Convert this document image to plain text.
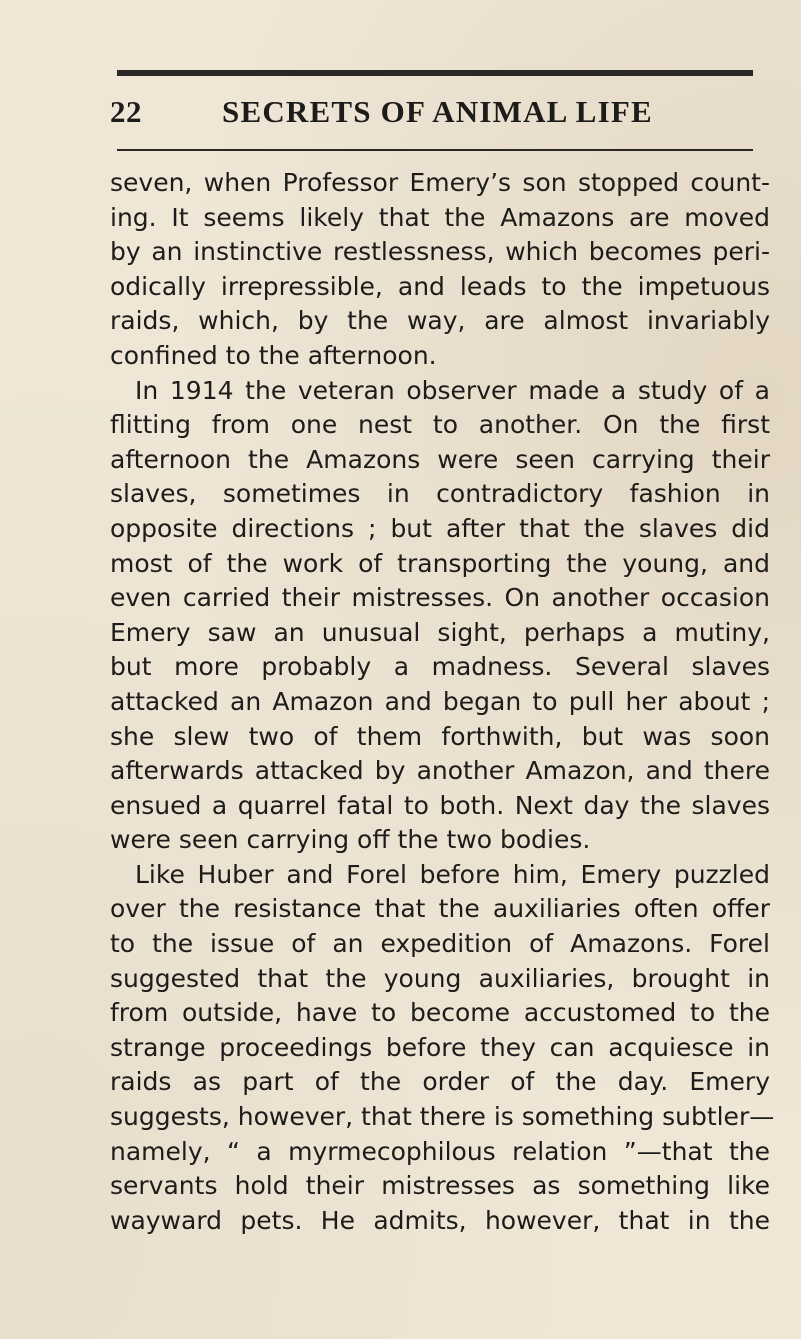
22	SECRETS OF ANIMAL LIFE
seven, when Professor Emery’s son stopped count-
ing. It seems likely that the Amazons are moved
by an instinctive restlessness, which becomes peri-
odically irrepressible, and leads to the impetuous
raids, which, by the way, are almost invariably
confined to the afternoon.
In 1914 the veteran observer made a study of a
flitting from one nest to another. On the first
afternoon the Amazons were seen carrying their
slaves, sometimes in contradictory fashion in
opposite directions ; but after that the slaves did
most of the work of transporting the young, and
even carried their mistresses. On another occasion
Emery saw an unusual sight, perhaps a mutiny,
but more probably a madness. Several slaves
attacked an Amazon and began to pull her about ;
she slew two of them forthwith, but was soon
afterwards attacked by another Amazon, and there
ensued a quarrel fatal to both. Next day the slaves
were seen carrying off the two bodies.
Like Huber and Forel before him, Emery puzzled
over the resistance that the auxiliaries often offer
to the issue of an expedition of Amazons. Forel
suggested that the young auxiliaries, brought in
from outside, have to become accustomed to the
strange proceedings before they can acquiesce in
raids as part of the order of the day. Emery
suggests, however, that there is something subtler—
namely, “ a myrmecophilous relation ”—that the
servants hold their mistresses as something like
wayward pets. He admits, however, that in the
